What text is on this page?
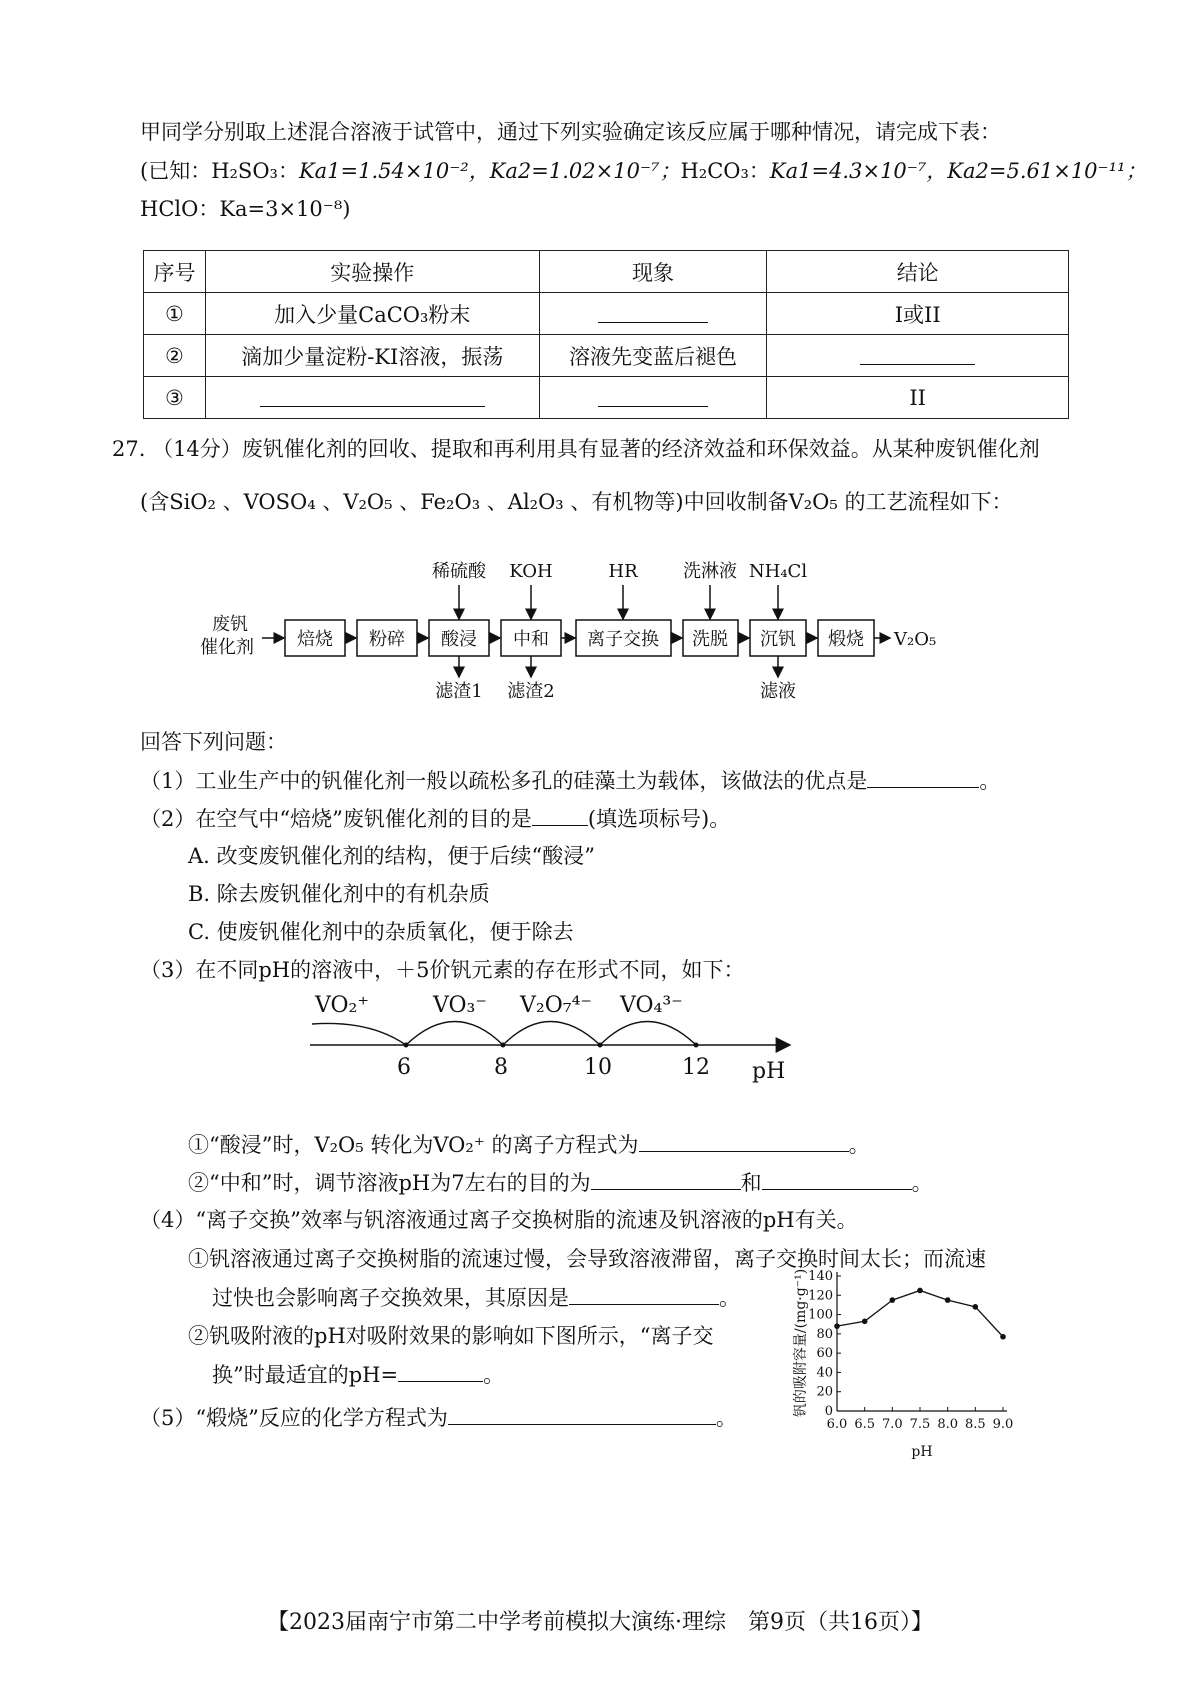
甲同学分别取上述混合溶液于试管中，通过下列实验确定该反应属于哪种情况，请完成下表：
(已知：H₂SO₃：Ka1=1.54×10⁻²，Ka2=1.02×10⁻⁷；H₂CO₃：Ka1=4.3×10⁻⁷，Ka2=5.61×10⁻¹¹；
HClO：Ka=3×10⁻⁸)
序号	实验操作	现象	结论
①	加入少量CaCO₃粉末		I或II
②	滴加少量淀粉-KI溶液，振荡	溶液先变蓝后褪色	
③			II
27. （14分）废钒催化剂的回收、提取和再利用具有显著的经济效益和环保效益。从某种废钒催化剂
(含SiO₂ 、VOSO₄ 、V₂O₅ 、Fe₂O₃ 、Al₂O₃ 、有机物等)中回收制备V₂O₅ 的工艺流程如下：
废钒
催化剂 焙烧 粉碎 酸浸 中和 离子交换 洗脱 沉钒 煅烧
稀硫酸 KOH	HR	洗淋液 NH₄Cl
滤渣1 滤渣2	滤液
V₂O₅
回答下列问题：
（1）工业生产中的钒催化剂一般以疏松多孔的硅藻土为载体，该做法的优点是	。
（2）在空气中“焙烧”废钒催化剂的目的是	(填选项标号)。
A. 改变废钒催化剂的结构，便于后续“酸浸”
B. 除去废钒催化剂中的有机杂质
C. 使废钒催化剂中的杂质氧化，便于除去
（3）在不同pH的溶液中，＋5价钒元素的存在形式不同，如下：
VO₂⁺	VO₃⁻ V₂O₇⁴⁻ VO₄³⁻
6	8	10	12 pH
①“酸浸”时，V₂O₅ 转化为VO₂⁺ 的离子方程式为	。
②“中和”时，调节溶液pH为7左右的目的为	和	。
（4）“离子交换”效率与钒溶液通过离子交换树脂的流速及钒溶液的pH有关。
①钒溶液通过离子交换树脂的流速过慢，会导致溶液滞留，离子交换时间太长；而流速
过快也会影响离子交换效果，其原因是	。
②钒吸附液的pH对吸附效果的影响如下图所示，“离子交
换”时最适宜的pH=	。
（5）“煅烧”反应的化学方程式为	。
钒的吸附容量/(mg·g⁻¹)
pH
0
20
40
60
80
100
120
140
6.0 6.5 7.0 7.5 8.0 8.5 9.0
【2023届南宁市第二中学考前模拟大演练·理综　第9页（共16页）】
